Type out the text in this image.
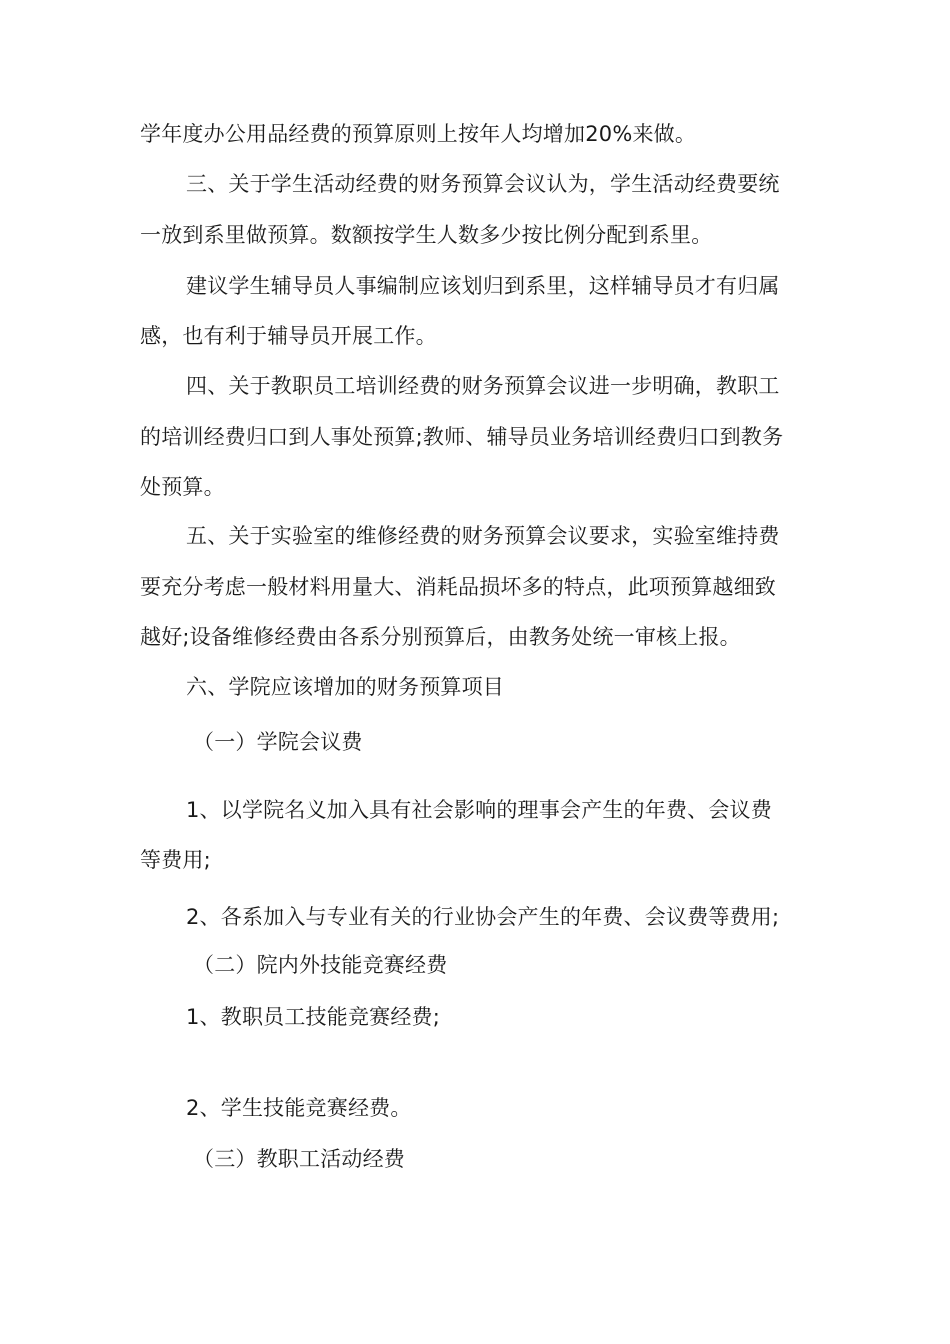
学年度办公用品经费的预算原则上按年人均增加20%来做。
三、关于学生活动经费的财务预算会议认为，学生活动经费要统
一放到系里做预算。数额按学生人数多少按比例分配到系里。
建议学生辅导员人事编制应该划归到系里，这样辅导员才有归属
感，也有利于辅导员开展工作。
四、关于教职员工培训经费的财务预算会议进一步明确，教职工
的培训经费归口到人事处预算;教师、辅导员业务培训经费归口到教务
处预算。
五、关于实验室的维修经费的财务预算会议要求，实验室维持费
要充分考虑一般材料用量大、消耗品损坏多的特点，此项预算越细致
越好;设备维修经费由各系分别预算后，由教务处统一审核上报。
六、学院应该增加的财务预算项目
（一）学院会议费
1、以学院名义加入具有社会影响的理事会产生的年费、会议费
等费用;
2、各系加入与专业有关的行业协会产生的年费、会议费等费用;
（二）院内外技能竞赛经费
1、教职员工技能竞赛经费;
2、学生技能竞赛经费。
（三）教职工活动经费
